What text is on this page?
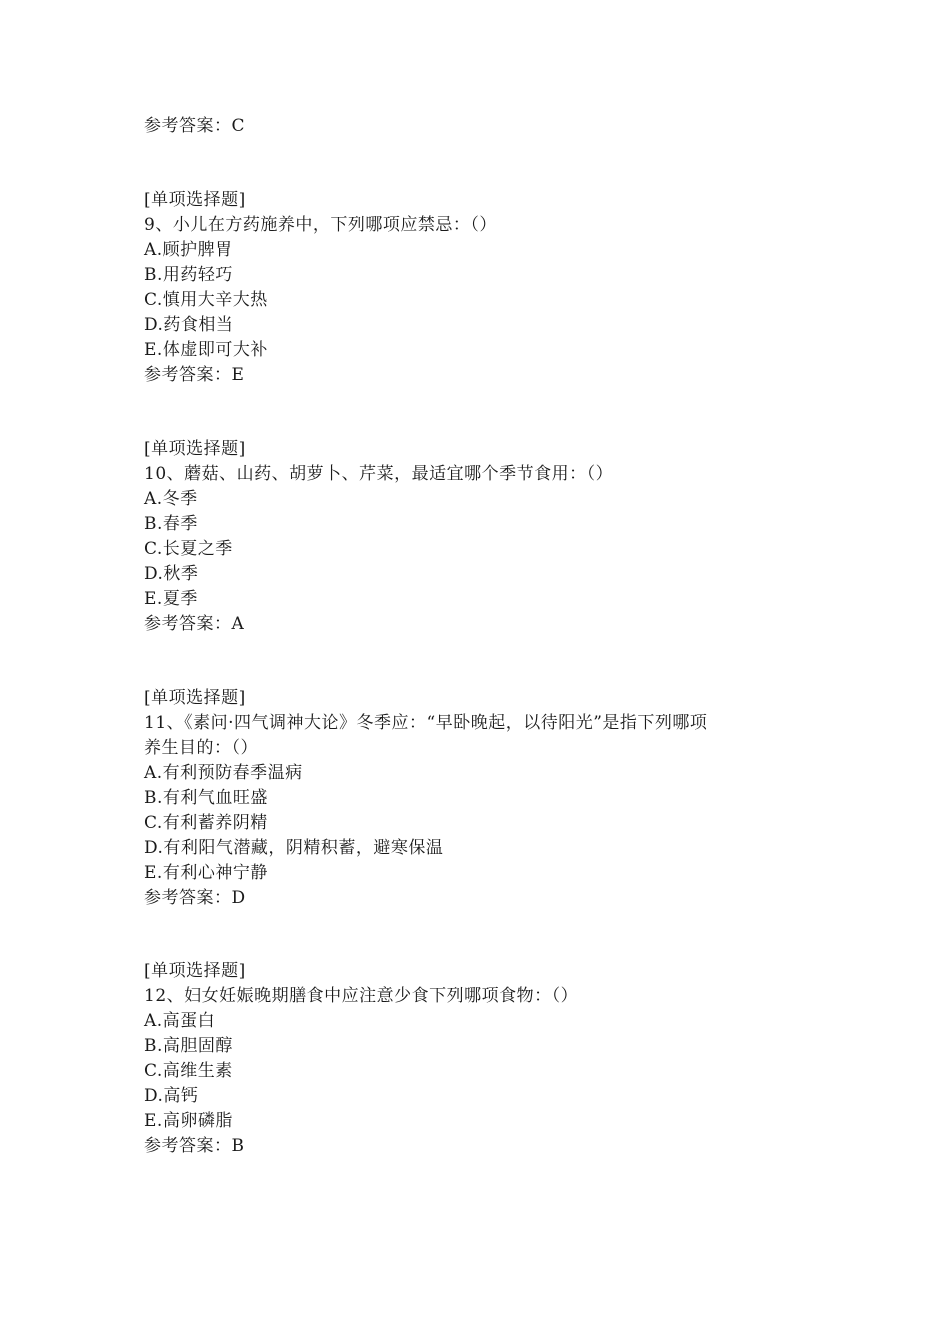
参考答案：C
[单项选择题]
9、小儿在方药施养中，下列哪项应禁忌：（）
A.顾护脾胃
B.用药轻巧
C.慎用大辛大热
D.药食相当
E.体虚即可大补
参考答案：E
[单项选择题]
10、蘑菇、山药、胡萝卜、芹菜，最适宜哪个季节食用：（）
A.冬季
B.春季
C.长夏之季
D.秋季
E.夏季
参考答案：A
[单项选择题]
11、《素问·四气调神大论》冬季应：“早卧晚起，以待阳光”是指下列哪项
养生目的：（）
A.有利预防春季温病
B.有利气血旺盛
C.有利蓄养阴精
D.有利阳气潜藏，阴精积蓄，避寒保温
E.有利心神宁静
参考答案：D
[单项选择题]
12、妇女妊娠晚期膳食中应注意少食下列哪项食物：（）
A.高蛋白
B.高胆固醇
C.高维生素
D.高钙
E.高卵磷脂
参考答案：B
